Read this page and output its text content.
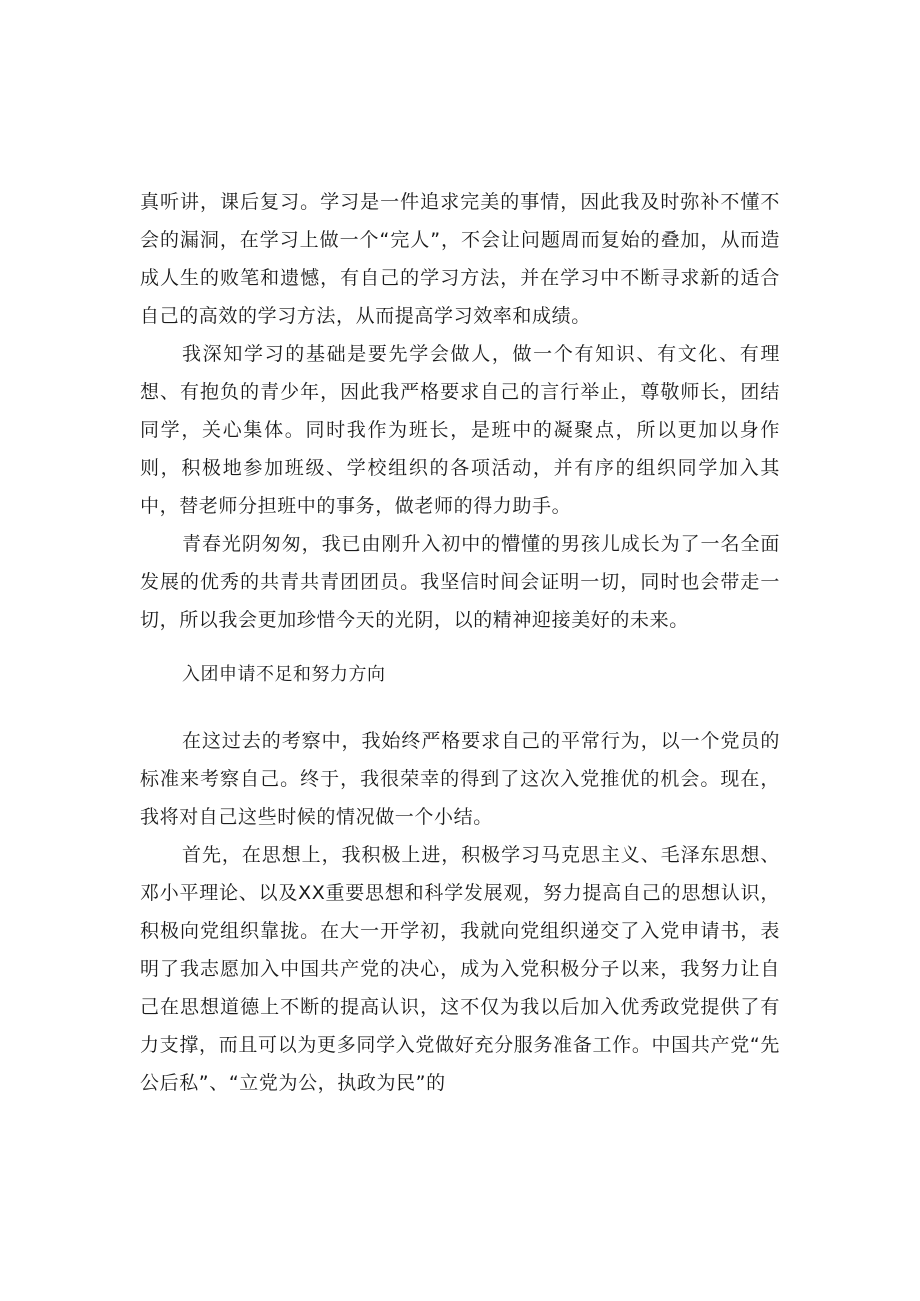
真听讲，课后复习。学习是一件追求完美的事情，因此我及时弥补不懂不会的漏洞，在学习上做一个“完人”，不会让问题周而复始的叠加，从而造成人生的败笔和遗憾，有自己的学习方法，并在学习中不断寻求新的适合自己的高效的学习方法，从而提高学习效率和成绩。

我深知学习的基础是要先学会做人，做一个有知识、有文化、有理想、有抱负的青少年，因此我严格要求自己的言行举止，尊敬师长，团结同学，关心集体。同时我作为班长，是班中的凝聚点，所以更加以身作则，积极地参加班级、学校组织的各项活动，并有序的组织同学加入其中，替老师分担班中的事务，做老师的得力助手。

青春光阴匆匆，我已由刚升入初中的懵懂的男孩儿成长为了一名全面发展的优秀的共青共青团团员。我坚信时间会证明一切，同时也会带走一切，所以我会更加珍惜今天的光阴，以的精神迎接美好的未来。

入团申请不足和努力方向

在这过去的考察中，我始终严格要求自己的平常行为，以一个党员的标准来考察自己。终于，我很荣幸的得到了这次入党推优的机会。现在，我将对自己这些时候的情况做一个小结。

首先，在思想上，我积极上进，积极学习马克思主义、毛泽东思想、邓小平理论、以及XX重要思想和科学发展观，努力提高自己的思想认识，积极向党组织靠拢。在大一开学初，我就向党组织递交了入党申请书，表明了我志愿加入中国共产党的决心，成为入党积极分子以来，我努力让自己在思想道德上不断的提高认识，这不仅为我以后加入优秀政党提供了有力支撑，而且可以为更多同学入党做好充分服务准备工作。中国共产党“先公后私”、“立党为公，执政为民”的
